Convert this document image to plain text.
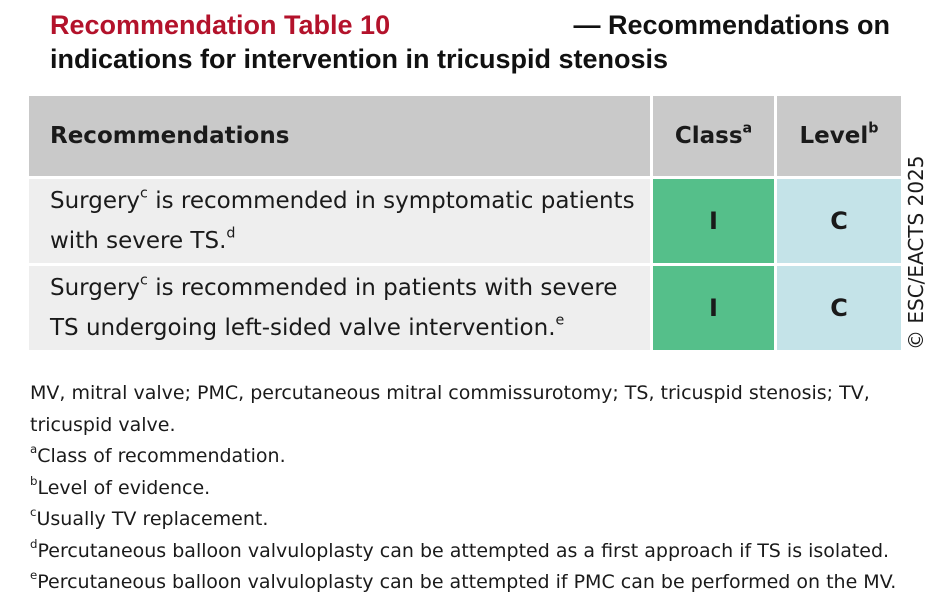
Recommendation Table 10	— Recommendations on
indications for intervention in tricuspid stenosis
Recommendations	Class$^a$	Level$^b$
Surgery$^c$ is recommended in symptomatic patients with severe TS.$^d$	I	C
Surgery$^c$ is recommended in patients with severe TS undergoing left-sided valve intervention.$^e$	I	C	© ESC/EACTS 2025

MV, mitral valve; PMC, percutaneous mitral commissurotomy; TS, tricuspid stenosis; TV, tricuspid valve.

$^a$Class of recommendation.

$^b$Level of evidence.

$^c$Usually TV replacement.

$^d$Percutaneous balloon valvuloplasty can be attempted as a first approach if TS is isolated.

$^e$Percutaneous balloon valvuloplasty can be attempted if PMC can be performed on the MV.
